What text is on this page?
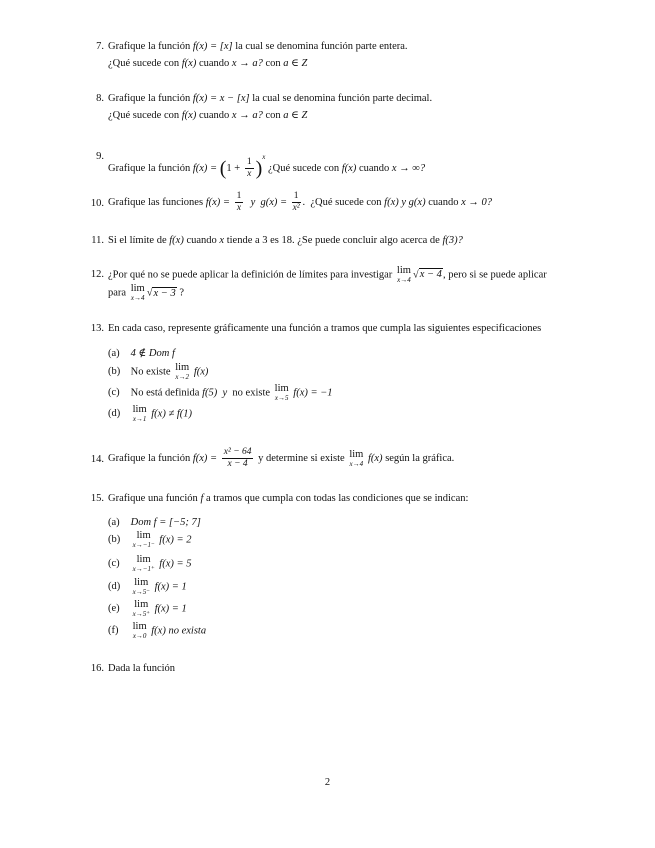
7. Grafique la función f(x) = [x] la cual se denomina función parte entera.
¿Qué sucede con f(x) cuando x → a? con a ∈ Z
8. Grafique la función f(x) = x − [x] la cual se denomina función parte decimal.
¿Qué sucede con f(x) cuando x → a? con a ∈ Z
9.
Grafique la función $f(x) = (1 + \frac{1}{x} )^x$ ¿Qué sucede con f(x) cuando x → ∞?
10. Grafique las funciones $f(x) = \frac{1}{x}$ y $g(x) = \frac{1}{\text{x²}}$ . ¿Qué sucede con f(x) y g(x) cuando x → 0?
11. Si el límite de f(x) cuando x tiende a 3 es 18. ¿Se puede concluir algo acerca de f(3)?
12. ¿Por qué no se puede aplicar la definición de límites para investigar lim
x→4 √x − 4, pero si se puede aplicar
para lim
x→4 √x − 3 ?
13. En cada caso, represente gráficamente una función a tramos que cumpla las siguientes especificaciones
(a) 4 ∉ Dom f
(b) No existe lim
x→2 f(x)
(c) No está definida f(5) y no existe lim
x→5 f(x) = −1
(d) lim
x→1 f(x) ≠ f(1)
14. Grafique la función $f(x) = \frac{\text{x² − 64}}{x - 4}$ y determine si existe lim
x→4 f(x) según la gráfica.
15. Grafique una función f a tramos que cumpla con todas las condiciones que se indican:
(a) Dom f = [−5; 7]
(b)	lim
x→−1⁻ f(x) = 2
(c)	lim
x→−1⁺ f(x) = 5
(d) lim
x→5⁻ f(x) = 1
(e) lim
x→5⁺ f(x) = 1
(f) lim
x→0 f(x) no exista
16. Dada la función
2
